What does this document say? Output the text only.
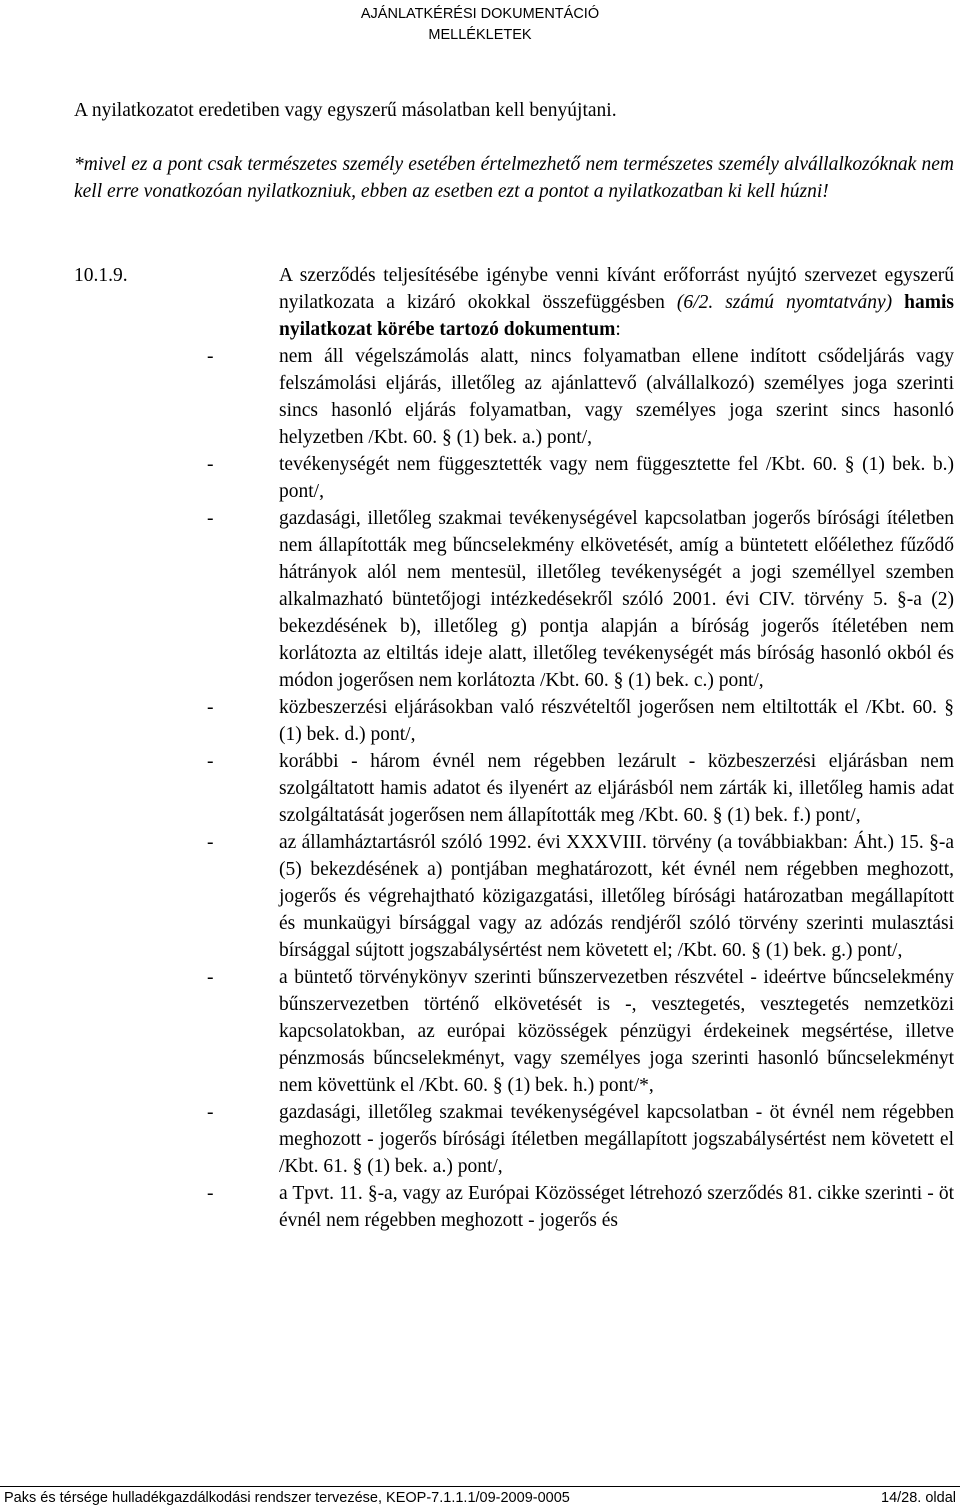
AJÁNLATKÉRÉSI DOKUMENTÁCIÓ
MELLÉKLETEK
A nyilatkozatot eredetiben vagy egyszerű másolatban kell benyújtani.
*mivel ez a pont csak természetes személy esetében értelmezhető nem természetes személy alvállalkozóknak nem kell erre vonatkozóan nyilatkozniuk, ebben az esetben ezt a pontot a nyilatkozatban ki kell húzni!
10.1.9.	A szerződés teljesítésébe igénybe venni kívánt erőforrást nyújtó szervezet egyszerű nyilatkozata a kizáró okokkal összefüggésben (6/2. számú nyomtatvány) hamis nyilatkozat körébe tartozó dokumentum:
-	nem áll végelszámolás alatt, nincs folyamatban ellene indított csődeljárás vagy felszámolási eljárás, illetőleg az ajánlattevő (alvállalkozó) személyes joga szerinti sincs hasonló eljárás folyamatban, vagy személyes joga szerint sincs hasonló helyzetben /Kbt. 60. § (1) bek. a.) pont/,
-	tevékenységét nem függesztették vagy nem függesztette fel /Kbt. 60. § (1) bek. b.) pont/,
-	gazdasági, illetőleg szakmai tevékenységével kapcsolatban jogerős bírósági ítéletben nem állapították meg bűncselekmény elkövetését, amíg a büntetett előélethez fűződő hátrányok alól nem mentesül, illetőleg tevékenységét a jogi személlyel szemben alkalmazható büntetőjogi intézkedésekről szóló 2001. évi CIV. törvény 5. §-a (2) bekezdésének b), illetőleg g) pontja alapján a bíróság jogerős ítéletében nem korlátozta az eltiltás ideje alatt, illetőleg tevékenységét más bíróság hasonló okból és módon jogerősen nem korlátozta /Kbt. 60. § (1) bek. c.) pont/,
-	közbeszerzési eljárásokban való részvételtől jogerősen nem eltiltották el /Kbt. 60. § (1) bek. d.) pont/,
-	korábbi - három évnél nem régebben lezárult - közbeszerzési eljárásban nem szolgáltatott hamis adatot és ilyenért az eljárásból nem zárták ki, illetőleg hamis adat szolgáltatását jogerősen nem állapították meg /Kbt. 60. § (1) bek. f.) pont/,
-	az államháztartásról szóló 1992. évi XXXVIII. törvény (a továbbiakban: Áht.) 15. §-a (5) bekezdésének a) pontjában meghatározott, két évnél nem régebben meghozott, jogerős és végrehajtható közigazgatási, illetőleg bírósági határozatban megállapított és munkaügyi bírsággal vagy az adózás rendjéről szóló törvény szerinti mulasztási bírsággal sújtott jogszabálysértést nem követett el; /Kbt. 60. § (1) bek. g.) pont/,
-	a büntető törvénykönyv szerinti bűnszervezetben részvétel - ideértve bűncselekmény bűnszervezetben történő elkövetését is -, vesztegetés, vesztegetés nemzetközi kapcsolatokban, az európai közösségek pénzügyi érdekeinek megsértése, illetve pénzmosás bűncselekményt, vagy személyes joga szerinti hasonló bűncselekményt nem követtünk el /Kbt. 60. § (1) bek. h.) pont/*,
-	gazdasági, illetőleg szakmai tevékenységével kapcsolatban - öt évnél nem régebben meghozott - jogerős bírósági ítéletben megállapított jogszabálysértést nem követett el /Kbt. 61. § (1) bek. a.) pont/,
-	a Tpvt. 11. §-a, vagy az Európai Közösséget létrehozó szerződés 81. cikke szerinti - öt évnél nem régebben meghozott - jogerős és
Paks és térsége hulladékgazdálkodási rendszer tervezése, KEOP-7.1.1.1/09-2009-0005	14/28. oldal
